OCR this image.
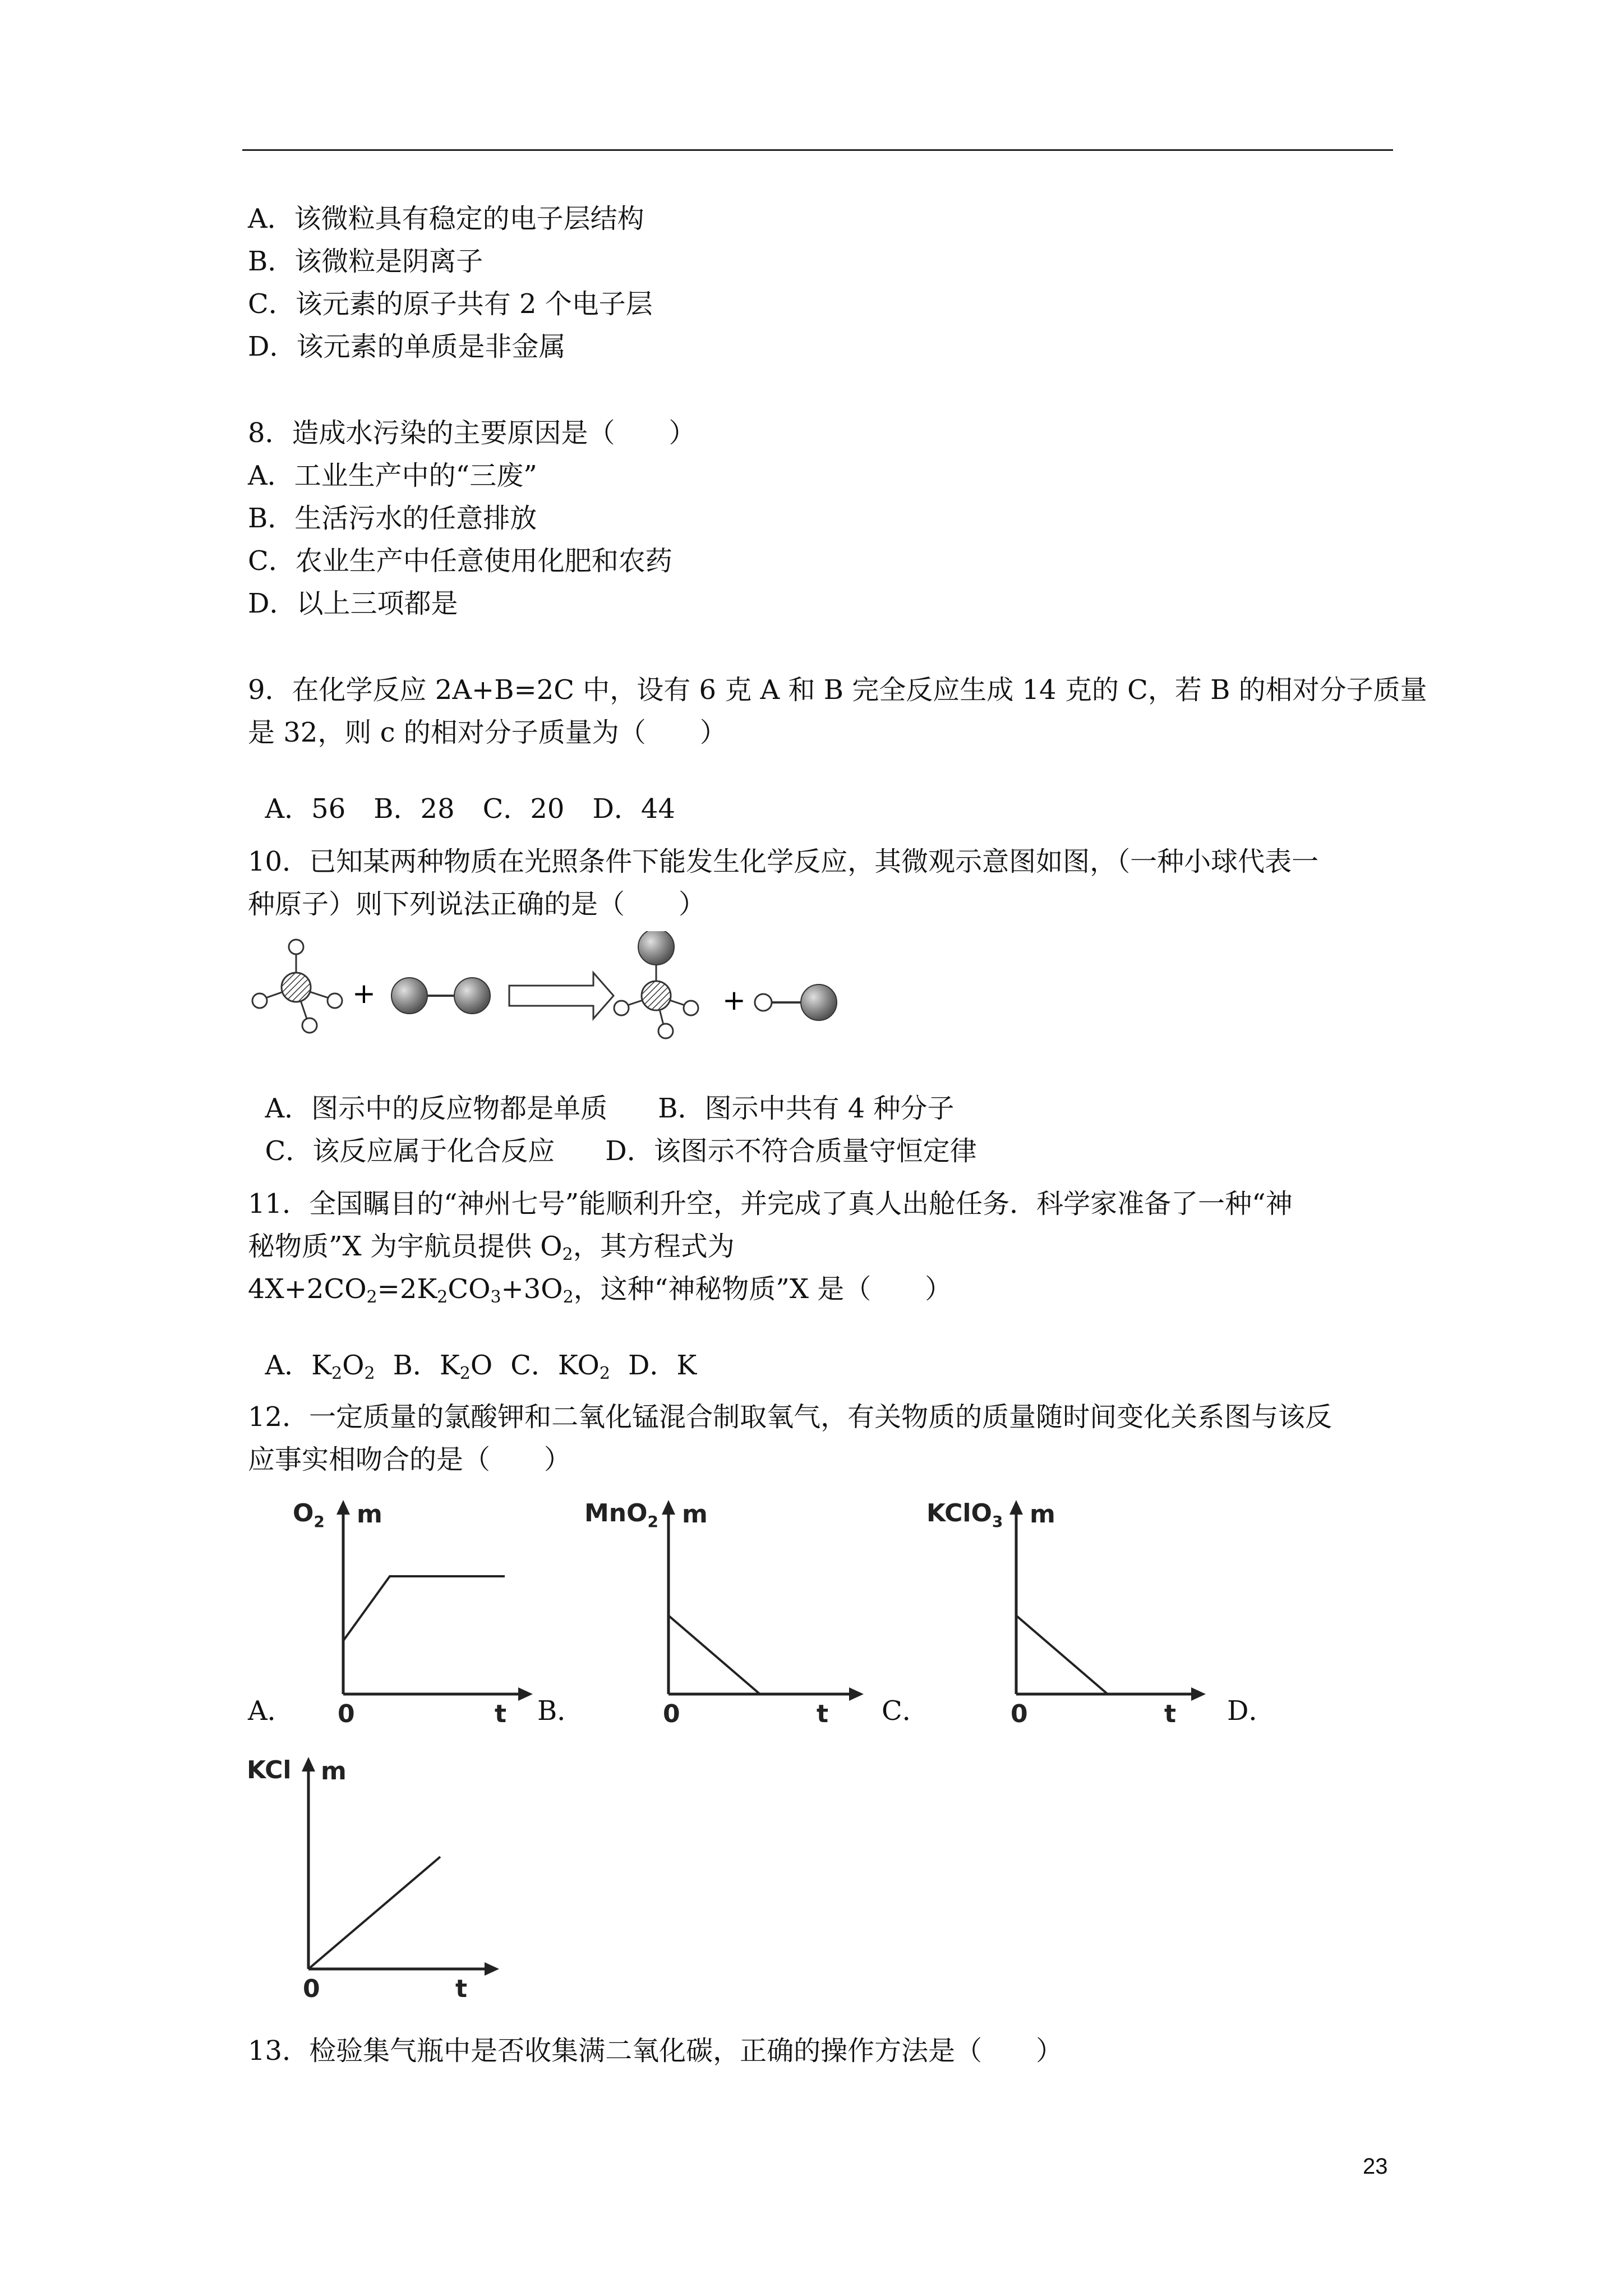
A．该微粒具有稳定的电子层结构
B．该微粒是阴离子
C．该元素的原子共有 2 个电子层
D．该元素的单质是非金属
8．造成水污染的主要原因是（　　）
A．工业生产中的“三废”
B．生活污水的任意排放
C．农业生产中任意使用化肥和农药
D．以上三项都是
9．在化学反应 2A+B=2C 中，设有 6 克 A 和 B 完全反应生成 14 克的 C，若 B 的相对分子质量
是 32，则 c 的相对分子质量为（　　）

A．56 B．28 C．20 D．44

10．已知某两种物质在光照条件下能发生化学反应，其微观示意图如图，（一种小球代表一
种原子）则下列说法正确的是（　　）
+	+

A．图示中的反应物都是单质 B．图示中共有 4 种分子

C．该反应属于化合反应 D．该图示不符合质量守恒定律

11．全国瞩目的“神州七号”能顺利升空，并完成了真人出舱任务．科学家准备了一种“神
秘物质”X 为宇航员提供 $O_2$，其方程式为
$4X+2CO_2=2K_2CO_3+3O_2$，这种“神秘物质”X 是（　　）

A．$K_2O_2$ B．$K_2O$ C．$KO_2$ D．K

12．一定质量的氯酸钾和二氧化锰混合制取氧气，有关物质的质量随时间变化关系图与该反
应事实相吻合的是（　　）
$O_2$ m
0	t
A．
MnO$_2$ m
0	t
B．
KClO$_3$ m
0	t
C．	D．
KCl m
0	t
13．检验集气瓶中是否收集满二氧化碳，正确的操作方法是（　　）
23
